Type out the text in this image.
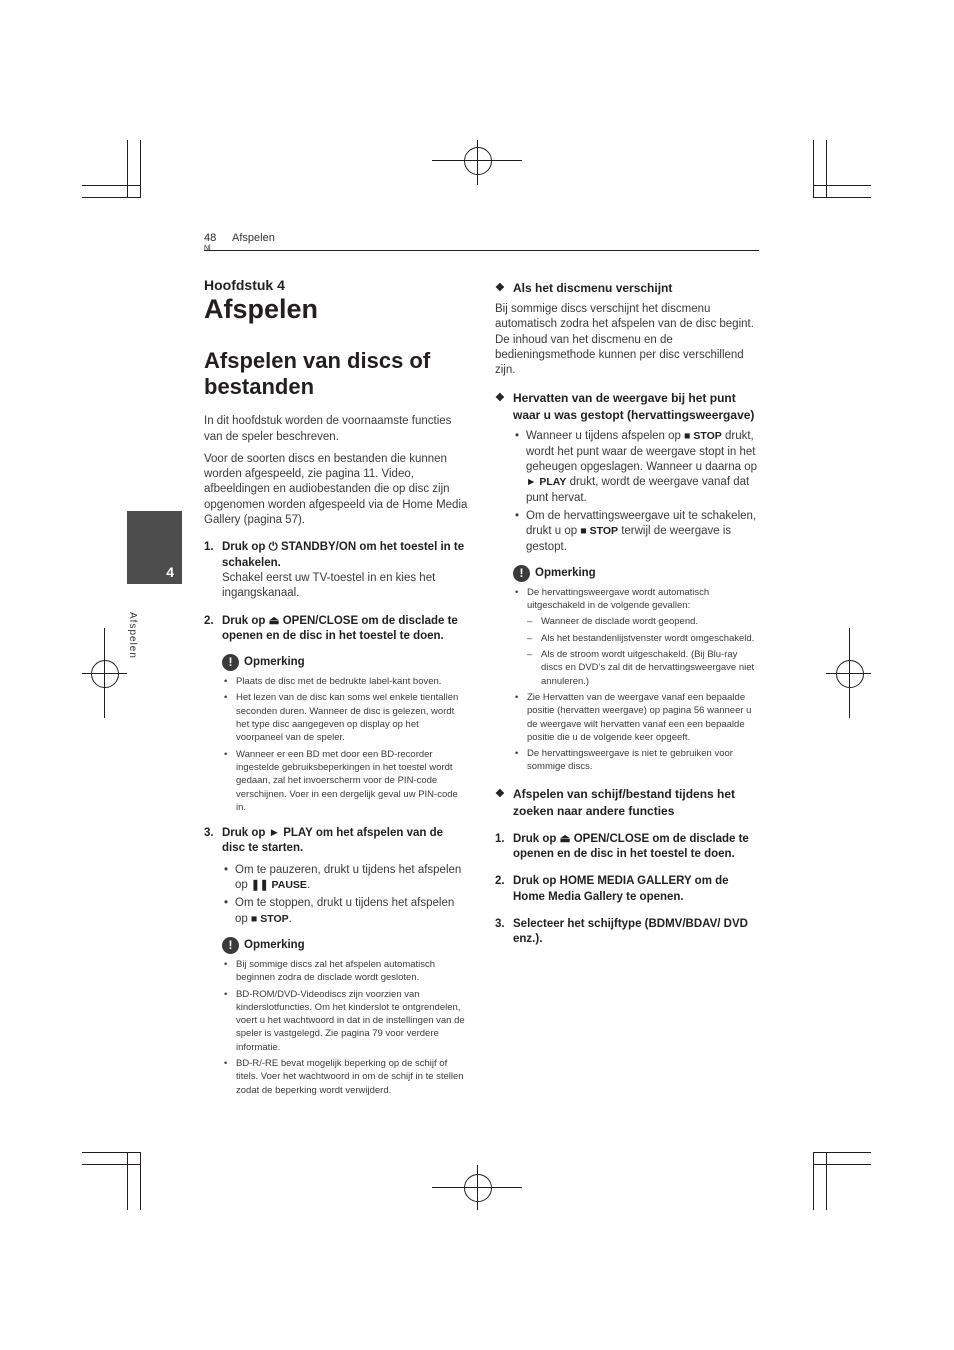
48
Nl
Afspelen
4
Afspelen
Hoofdstuk 4
Afspelen
Afspelen van discs of bestanden

In dit hoofdstuk worden de voornaamste functies van de speler beschreven.

Voor de soorten discs en bestanden die kunnen worden afgespeeld, zie pagina 11. Video, afbeeldingen en audiobestanden die op disc zijn opgenomen worden afgespeeld via de Home Media Gallery (pagina 57).

1. Druk op ⏻ STANDBY/ON om het toestel in te schakelen.
Schakel eerst uw TV-toestel in en kies het ingangskanaal.
2. Druk op ⏏ OPEN/CLOSE om de disclade te openen en de disc in het toestel te doen.
!	Opmerking
• Plaats de disc met de bedrukte label-kant boven.
• Het lezen van de disc kan soms wel enkele tientallen seconden duren. Wanneer de disc is gelezen, wordt het type disc aangegeven op display op het voorpaneel van de speler.
• Wanneer er een BD met door een BD-recorder ingestelde gebruiksbeperkingen in het toestel wordt gedaan, zal het invoerscherm voor de PIN-code verschijnen. Voer in een dergelijk geval uw PIN-code in.
3. Druk op ► PLAY om het afspelen van de disc te starten.
• Om te pauzeren, drukt u tijdens het afspelen op ❚❚ PAUSE.
• Om te stoppen, drukt u tijdens het afspelen op ■ STOP.
!	Opmerking
• Bij sommige discs zal het afspelen automatisch beginnen zodra de disclade wordt gesloten.
• BD-ROM/DVD-Videodiscs zijn voorzien van kinderslotfuncties. Om het kinderslot te ontgrendelen, voert u het wachtwoord in dat in de instellingen van de speler is vastgelegd. Zie pagina 79 voor verdere informatie.
• BD-R/-RE bevat mogelijk beperking op de schijf of titels. Voer het wachtwoord in om de schijf in te stellen zodat de beperking wordt verwijderd.
❖ Als het discmenu verschijnt

Bij sommige discs verschijnt het discmenu automatisch zodra het afspelen van de disc begint. De inhoud van het discmenu en de bedieningsmethode kunnen per disc verschillend zijn.

❖ Hervatten van de weergave bij het punt waar u was gestopt (hervattingsweergave)
• Wanneer u tijdens afspelen op ■ STOP drukt, wordt het punt waar de weergave stopt in het geheugen opgeslagen. Wanneer u daarna op ► PLAY drukt, wordt de weergave vanaf dat punt hervat.
• Om de hervattingsweergave uit te schakelen, drukt u op ■ STOP terwijl de weergave is gestopt.
!	Opmerking
• De hervattingsweergave wordt automatisch uitgeschakeld in de volgende gevallen:
– Wanneer de disclade wordt geopend.
– Als het bestandenlijstvenster wordt omgeschakeld.
– Als de stroom wordt uitgeschakeld. (Bij Blu-ray discs en DVD’s zal dit de hervattingsweergave niet annuleren.)
• Zie Hervatten van de weergave vanaf een bepaalde positie (hervatten weergave) op pagina 56 wanneer u de weergave wilt hervatten vanaf een een bepaalde positie die u de volgende keer opgeeft.
• De hervattingsweergave is niet te gebruiken voor sommige discs.
❖ Afspelen van schijf/bestand tijdens het zoeken naar andere functies
1. Druk op ⏏ OPEN/CLOSE om de disclade te openen en de disc in het toestel te doen.
2. Druk op HOME MEDIA GALLERY om de Home Media Gallery te openen.
3. Selecteer het schijftype (BDMV/BDAV/ DVD enz.).
